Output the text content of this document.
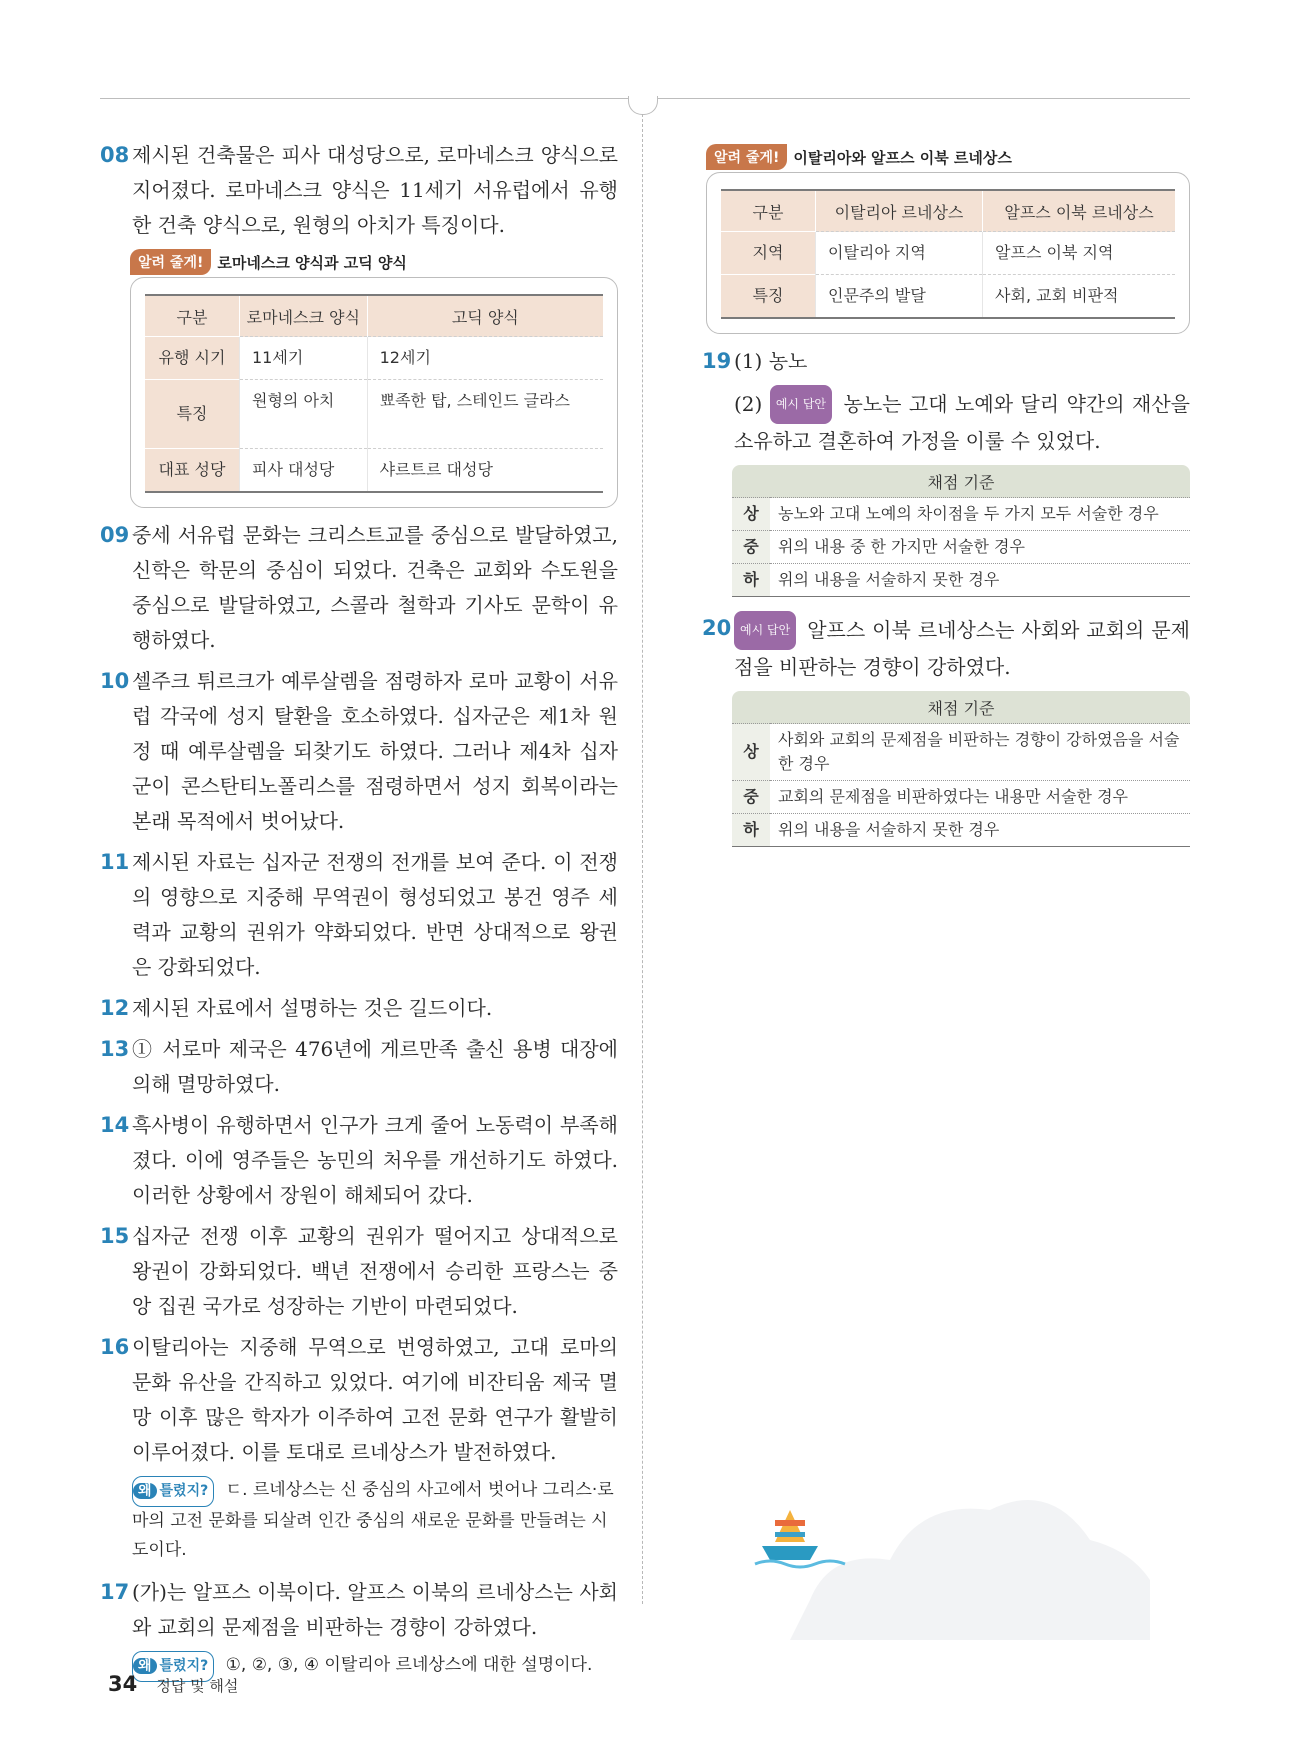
08 제시된 건축물은 피사 대성당으로, 로마네스크 양식으로 지어졌다. 로마네스크 양식은 11세기 서유럽에서 유행한 건축 양식으로, 원형의 아치가 특징이다.
알려 줄게! 로마네스크 양식과 고딕 양식
구분	로마네스크 양식	고딕 양식
유행 시기	11세기	12세기
특징	원형의 아치	뾰족한 탑, 스테인드 글라스
대표 성당	피사 대성당	샤르트르 대성당
09 중세 서유럽 문화는 크리스트교를 중심으로 발달하였고, 신학은 학문의 중심이 되었다. 건축은 교회와 수도원을 중심으로 발달하였고, 스콜라 철학과 기사도 문학이 유행하였다.
10 셀주크 튀르크가 예루살렘을 점령하자 로마 교황이 서유럽 각국에 성지 탈환을 호소하였다. 십자군은 제1차 원정 때 예루살렘을 되찾기도 하였다. 그러나 제4차 십자군이 콘스탄티노폴리스를 점령하면서 성지 회복이라는 본래 목적에서 벗어났다.
11 제시된 자료는 십자군 전쟁의 전개를 보여 준다. 이 전쟁의 영향으로 지중해 무역권이 형성되었고 봉건 영주 세력과 교황의 권위가 약화되었다. 반면 상대적으로 왕권은 강화되었다.
12 제시된 자료에서 설명하는 것은 길드이다.
13 ① 서로마 제국은 476년에 게르만족 출신 용병 대장에 의해 멸망하였다.
14 흑사병이 유행하면서 인구가 크게 줄어 노동력이 부족해졌다. 이에 영주들은 농민의 처우를 개선하기도 하였다. 이러한 상황에서 장원이 해체되어 갔다.
15 십자군 전쟁 이후 교황의 권위가 떨어지고 상대적으로 왕권이 강화되었다. 백년 전쟁에서 승리한 프랑스는 중앙 집권 국가로 성장하는 기반이 마련되었다.
16 이탈리아는 지중해 무역으로 번영하였고, 고대 로마의 문화 유산을 간직하고 있었다. 여기에 비잔티움 제국 멸망 이후 많은 학자가 이주하여 고전 문화 연구가 활발히 이루어졌다. 이를 토대로 르네상스가 발전하였다.
왜 틀렸지? ㄷ. 르네상스는 신 중심의 사고에서 벗어나 그리스·로마의 고전 문화를 되살려 인간 중심의 새로운 문화를 만들려는 시도이다.
17 (가)는 알프스 이북이다. 알프스 이북의 르네상스는 사회와 교회의 문제점을 비판하는 경향이 강하였다.
왜 틀렸지? ①, ②, ③, ④ 이탈리아 르네상스에 대한 설명이다.
알려 줄게! 이탈리아와 알프스 이북 르네상스
구분	이탈리아 르네상스	알프스 이북 르네상스
지역	이탈리아 지역	알프스 이북 지역
특징	인문주의 발달	사회, 교회 비판적
19 (1) 농노
(2) 예시 답안 농노는 고대 노예와 달리 약간의 재산을 소유하고 결혼하여 가정을 이룰 수 있었다.
채점 기준	
상	농노와 고대 노예의 차이점을 두 가지 모두 서술한 경우
중	위의 내용 중 한 가지만 서술한 경우
하	위의 내용을 서술하지 못한 경우
20 예시 답안 알프스 이북 르네상스는 사회와 교회의 문제점을 비판하는 경향이 강하였다.
채점 기준	
상	사회와 교회의 문제점을 비판하는 경향이 강하였음을 서술한 경우
중	교회의 문제점을 비판하였다는 내용만 서술한 경우
하	위의 내용을 서술하지 못한 경우
34 정답 및 해설
